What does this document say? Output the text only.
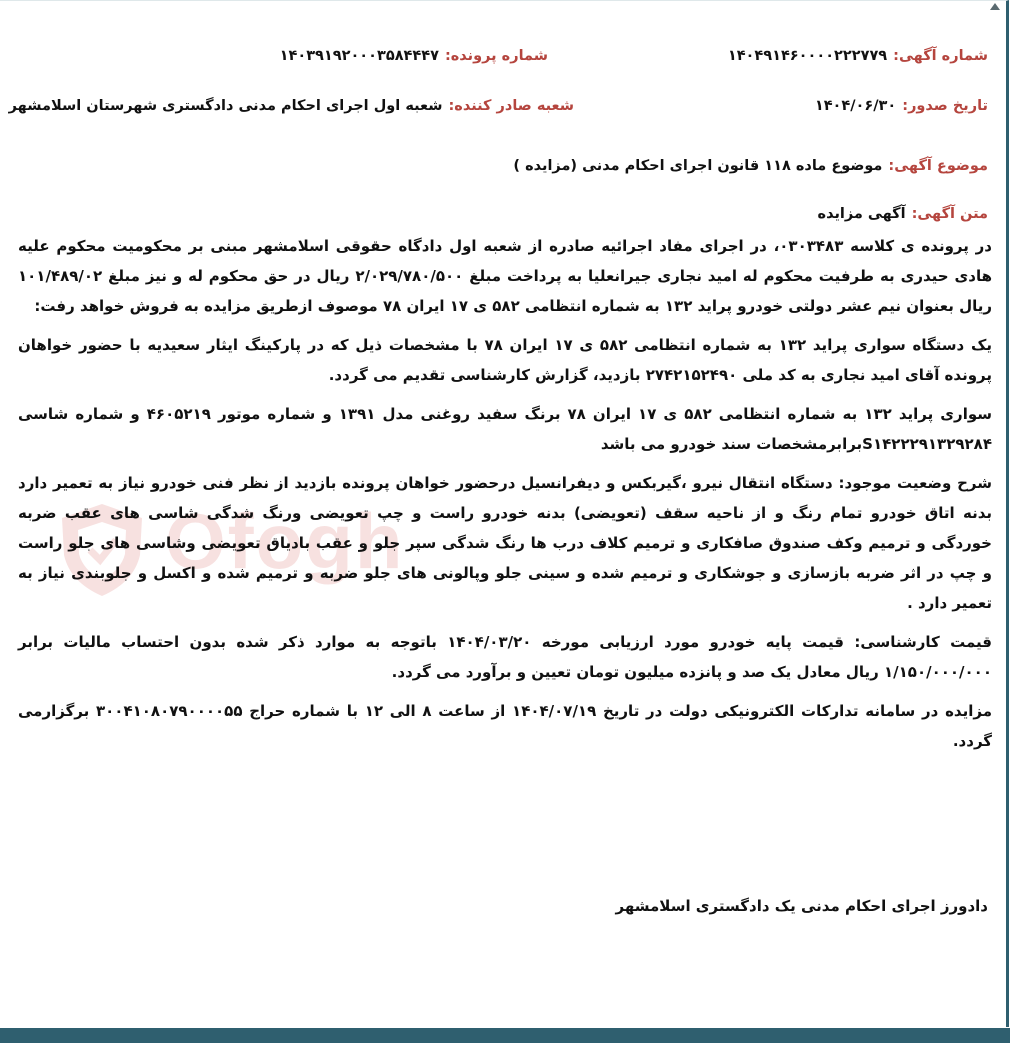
Ofogh
شماره آگهی:۱۴۰۴۹۱۴۶۰۰۰۰۲۲۲۷۷۹
شماره پرونده:۱۴۰۳۹۱۹۲۰۰۰۳۵۸۴۴۴۷
تاریخ صدور:۱۴۰۴/۰۶/۳۰
شعبه صادر کننده:شعبه اول اجرای احکام مدنی دادگستری شهرستان اسلامشهر
موضوع آگهی:موضوع ماده ۱۱۸ قانون اجرای احکام مدنی (مزایده )
متن آگهی:آگهی مزایده

در پرونده ی کلاسه ۰۳۰۳۴۸۳، در اجرای مفاد اجرائیه صادره از شعبه اول دادگاه حقوقی اسلامشهر مبنی بر محکومیت محکوم علیه هادی حیدری به طرفیت محکوم له امید نجاری جیرانعلیا به پرداخت مبلغ ۲/۰۲۹/۷۸۰/۵۰۰ ریال در حق محکوم له و نیز مبلغ ۱۰۱/۴۸۹/۰۲ ریال بعنوان نیم عشر دولتی خودرو پراید ۱۳۲ به شماره انتظامی ۵۸۲ ی ۱۷ ایران ۷۸ موصوف ازطریق مزایده به فروش خواهد رفت:

یک دستگاه سواری پراید ۱۳۲ به شماره انتظامی ۵۸۲ ی ۱۷ ایران ۷۸ با مشخصات ذیل که در پارکینگ ایثار سعیدیه با حضور خواهان پرونده آقای امید نجاری به کد ملی ۲۷۴۲۱۵۲۴۹۰ بازدید، گزارش کارشناسی تقدیم می گردد.

سواری پراید ۱۳۲ به شماره انتظامی ۵۸۲ ی ۱۷ ایران ۷۸ برنگ سفید روغنی مدل ۱۳۹۱ و شماره موتور ۴۶۰۵۲۱۹ و شماره شاسی S۱۴۲۲۲۹۱۳۲۹۲۸۴برابرمشخصات سند خودرو می باشد

شرح وضعیت موجود: دستگاه انتقال نیرو ،گیربکس و دیفرانسیل درحضور خواهان پرونده بازدید از نظر فنی خودرو نیاز به تعمیر دارد بدنه اتاق خودرو تمام رنگ و از ناحیه سقف (تعویضی) بدنه خودرو راست و چپ تعویضی ورنگ شدگی شاسی های عقب ضربه خوردگی و ترمیم وکف صندوق صافکاری و ترمیم کلاف درب ها رنگ شدگی سپر جلو و عقب بادیاق تعویضی وشاسی های جلو راست و چپ در اثر ضربه بازسازی و جوشکاری و ترمیم شده و سینی جلو وپالونی های جلو ضربه و ترمیم شده و اکسل و جلوبندی نیاز به تعمیر دارد .

قیمت کارشناسی: قیمت پایه خودرو مورد ارزیابی مورخه ۱۴۰۴/۰۳/۲۰ باتوجه به موارد ذکر شده بدون احتساب مالیات برابر ۱/۱۵۰/۰۰۰/۰۰۰ ریال معادل یک صد و پانزده میلیون تومان تعیین و برآورد می گردد.

مزایده در سامانه تدارکات الکترونیکی دولت در تاریخ ۱۴۰۴/۰۷/۱۹ از ساعت ۸ الی ۱۲ با شماره حراج ۳۰۰۴۱۰۸۰۷۹۰۰۰۰۵۵ برگزارمی گردد.

دادورز اجرای احکام مدنی یک دادگستری اسلامشهر
